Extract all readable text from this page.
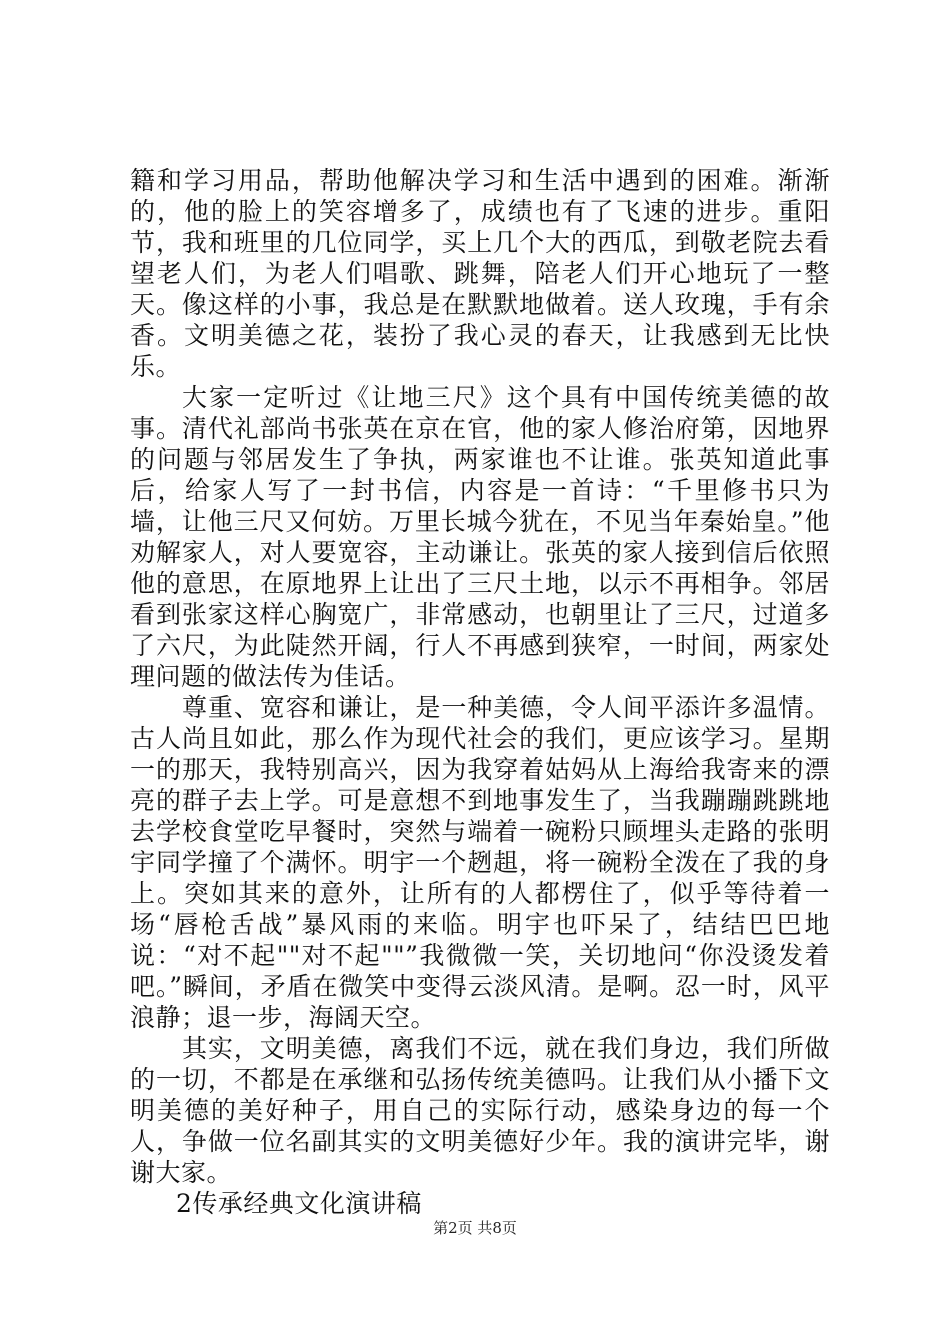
籍和学习用品，帮助他解决学习和生活中遇到的困难。渐渐的，他的脸上的笑容增多了，成绩也有了飞速的进步。重阳节，我和班里的几位同学，买上几个大的西瓜，到敬老院去看望老人们，为老人们唱歌、跳舞，陪老人们开心地玩了一整天。像这样的小事，我总是在默默地做着。送人玫瑰，手有余香。文明美德之花，装扮了我心灵的春天，让我感到无比快乐。

大家一定听过《让地三尺》这个具有中国传统美德的故事。清代礼部尚书张英在京在官，他的家人修治府第，因地界的问题与邻居发生了争执，两家谁也不让谁。张英知道此事后，给家人写了一封书信，内容是一首诗：“千里修书只为墙，让他三尺又何妨。万里长城今犹在，不见当年秦始皇。”他劝解家人，对人要宽容，主动谦让。张英的家人接到信后依照他的意思，在原地界上让出了三尺土地，以示不再相争。邻居看到张家这样心胸宽广，非常感动，也朝里让了三尺，过道多了六尺，为此陡然开阔，行人不再感到狭窄，一时间，两家处理问题的做法传为佳话。

尊重、宽容和谦让，是一种美德，令人间平添许多温情。古人尚且如此，那么作为现代社会的我们，更应该学习。星期一的那天，我特别高兴，因为我穿着姑妈从上海给我寄来的漂亮的群子去上学。可是意想不到地事发生了，当我蹦蹦跳跳地去学校食堂吃早餐时，突然与端着一碗粉只顾埋头走路的张明宇同学撞了个满怀。明宇一个趔趄，将一碗粉全泼在了我的身上。突如其来的意外，让所有的人都楞住了，似乎等待着一场“唇枪舌战”暴风雨的来临。明宇也吓呆了，结结巴巴地说：“对不起""对不起""”我微微一笑，关切地问“你没烫发着吧。”瞬间，矛盾在微笑中变得云淡风清。是啊。忍一时，风平浪静；退一步，海阔天空。

其实，文明美德，离我们不远，就在我们身边，我们所做的一切，不都是在承继和弘扬传统美德吗。让我们从小播下文明美德的美好种子，用自己的实际行动，感染身边的每一个人，争做一位名副其实的文明美德好少年。我的演讲完毕，谢谢大家。

2传承经典文化演讲稿

第2页 共8页
